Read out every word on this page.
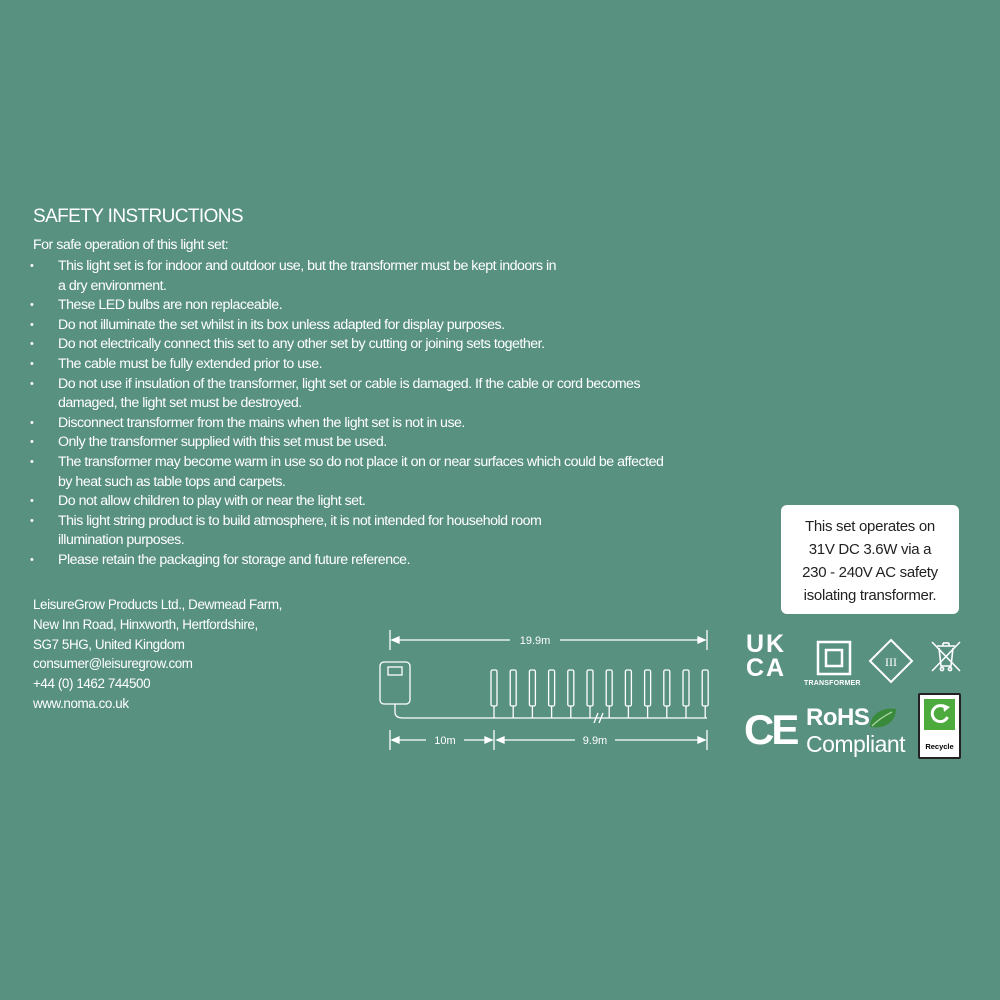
SAFETY INSTRUCTIONS
For safe operation of this light set:
• This light set is for indoor and outdoor use, but the transformer must be kept indoors in a dry environment.
• These LED bulbs are non replaceable.
• Do not illuminate the set whilst in its box unless adapted for display purposes.
• Do not electrically connect this set to any other set by cutting or joining sets together.
• The cable must be fully extended prior to use.
• Do not use if insulation of the transformer, light set or cable is damaged. If the cable or cord becomes damaged, the light set must be destroyed.
• Disconnect transformer from the mains when the light set is not in use.
• Only the transformer supplied with this set must be used.
• The transformer may become warm in use so do not place it on or near surfaces which could be affected by heat such as table tops and carpets.
• Do not allow children to play with or near the light set.
• This light string product is to build atmosphere, it is not intended for household room illumination purposes.
• Please retain the packaging for storage and future reference.
LeisureGrow Products Ltd., Dewmead Farm,
New Inn Road, Hinxworth, Hertfordshire,
SG7 5HG, United Kingdom
consumer@leisuregrow.com
+44 (0) 1462 744500
www.noma.co.uk
This set operates on
31V DC 3.6W via a
230 - 240V AC safety
isolating transformer.
19.9m
10m	9.9m
UK
CA
TRANSFORMER
III
CE RoHS
Compliant	Recycle
